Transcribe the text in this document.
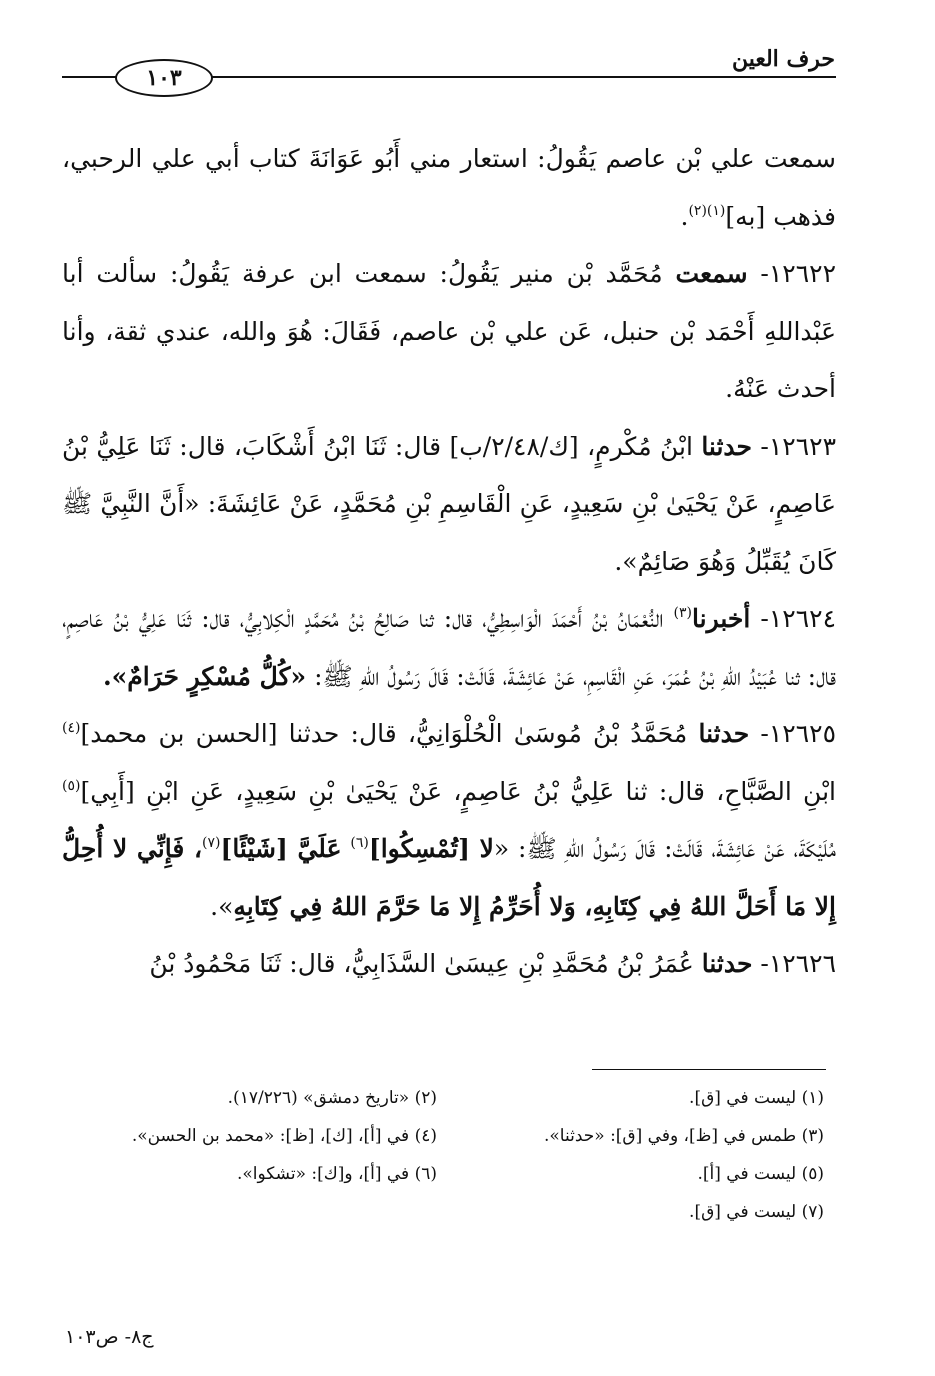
حرف العين
١٠٣

سمعت علي بْن عاصم يَقُولُ: استعار مني أَبُو عَوَانَةَ كتاب أبي علي الرحبي، فذهب [به]$^{(١)(٢)}$.

١٢٦٢٢- سمعت مُحَمَّد بْن منير يَقُولُ: سمعت ابن عرفة يَقُولُ: سألت أبا عَبْداللهِ أَحْمَد بْن حنبل، عَن علي بْن عاصم، فَقَالَ: هُوَ والله، عندي ثقة، وأنا أحدث عَنْهُ.

١٢٦٢٣- حدثنا ابْنُ مُكْرمٍ، [ك/٢/٤٨/ب] قال: ثَنَا ابْنُ أَشْكَابَ، قال: ثَنَا عَلِيُّ بْنُ عَاصِمٍ، عَنْ يَحْيَىٰ بْنِ سَعِيدٍ، عَنِ الْقَاسِمِ بْنِ مُحَمَّدٍ، عَنْ عَائِشَةَ: «أَنَّ النَّبِيَّ ﷺ كَانَ يُقَبِّلُ وَهُوَ صَائِمٌ».

١٢٦٢٤- أخبرنا$^{(٣)}$ النُّعْمَانُ بْنُ أَحْمَدَ الْوَاسِطِيُّ، قال: ثنا صَالِحُ بْنُ مُحَمَّدٍ الْكِلابِيُّ، قال: ثَنَا عَلِيُّ بْنُ عَاصِمٍ، قال: ثنا عُبَيْدُ اللهِ بْنُ عُمَرَ، عَنِ الْقَاسِمِ، عَنْ عَائِشَةَ، قَالَتْ: قَالَ رَسُولُ اللهِ ﷺ: «كُلُّ مُسْكِرٍ حَرَامٌ».

١٢٦٢٥- حدثنا مُحَمَّدُ بْنُ مُوسَىٰ الْحُلْوَانِيُّ، قال: حدثنا [الحسن بن محمد]$^{(٤)}$ ابْنِ الصَّبَّاحِ، قال: ثنا عَلِيُّ بْنُ عَاصِمٍ، عَنْ يَحْيَىٰ بْنِ سَعِيدٍ، عَنِ ابْنِ [أَبِي]$^{(٥)}$ مُلَيْكَةَ، عَنْ عَائِشَةَ، قَالَتْ: قَالَ رَسُولُ اللهِ ﷺ: «لا [تُمْسِكُوا]$^{(٦)}$ عَلَيَّ [شَيْئًا]$^{(٧)}$، فَإِنِّي لا أُحِلُّ إِلا مَا أَحَلَّ اللهُ فِي كِتَابِهِ، وَلا أُحَرِّمُ إِلا مَا حَرَّمَ اللهُ فِي كِتَابِهِ».

١٢٦٢٦- حدثنا عُمَرُ بْنُ مُحَمَّدِ بْنِ عِيسَىٰ السَّذَابِيُّ، قال: ثَنَا مَحْمُودُ بْنُ

(١) ليست في [ق].
(٢) «تاريخ دمشق» (١٧/٢٢٦).
(٣) طمس في [ظ]، وفي [ق]: «حدثنا».
(٤) في [أ]، [ك]، [ظ]: «محمد بن الحسن».
(٥) ليست في [أ].
(٦) في [أ]، و[ك]: «تشكوا».
(٧) ليست في [ق].
ج٨- ص١٠٣
